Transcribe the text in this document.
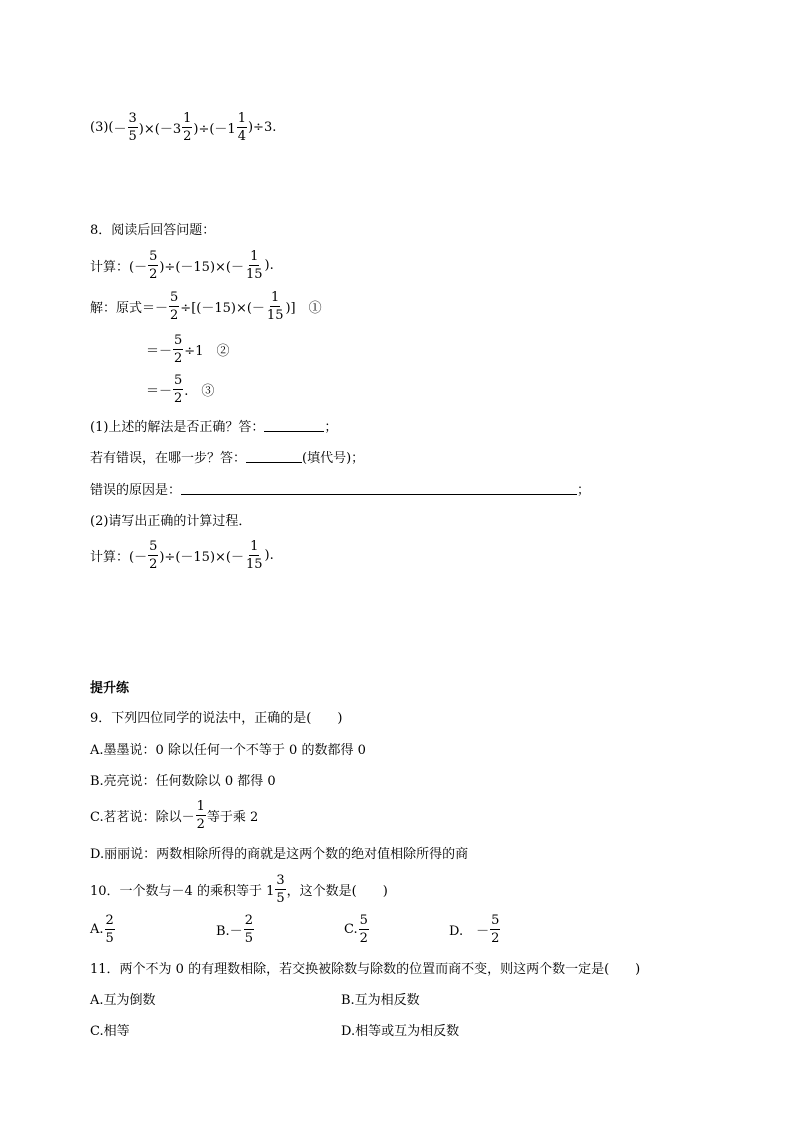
$(3)( - \frac{3}{5} )\times(-3 \frac{1}{2} )\div(-1 \frac{1}{4} )\div 3$.
8．阅读后回答问题：
计算：(－ $\frac{5}{2} )\div(-15)\times(- \frac{1}{15}$ ).
解：原式＝－ $\frac{5}{2} \div[(-15)\times(- \frac{1}{15}$ )]　①
＝－ $\frac{5}{2} \div 1$　②
＝－ $\frac{5}{2}$ .　③
(1)上述的解法是否正确？答：	；
若有错误，在哪一步？答：	(填代号)；
错误的原因是：	；
(2)请写出正确的计算过程．
计算：(－ $\frac{5}{2} )\div(-15)\times(- \frac{1}{15}$ ).
提升练
9．下列四位同学的说法中，正确的是(　　)
A.墨墨说：0 除以任何一个不等于 0 的数都得 0
B.亮亮说：任何数除以 0 都得 0
C.茗茗说：除以－ $\frac{1}{2}$ 等于乘 2
D.丽丽说：两数相除所得的商就是这两个数的绝对值相除所得的商
10．一个数与－4 的乘积等于 $1 \frac{3}{5}$ ，这个数是(　　)
A. $\frac{2}{5}$	$B.- \frac{2}{5}$	C. $\frac{5}{2}$	D.　－ $\frac{5}{2}$
11．两个不为 0 的有理数相除，若交换被除数与除数的位置而商不变，则这两个数一定是(　　)
A.互为倒数	B.互为相反数
C.相等	D.相等或互为相反数
